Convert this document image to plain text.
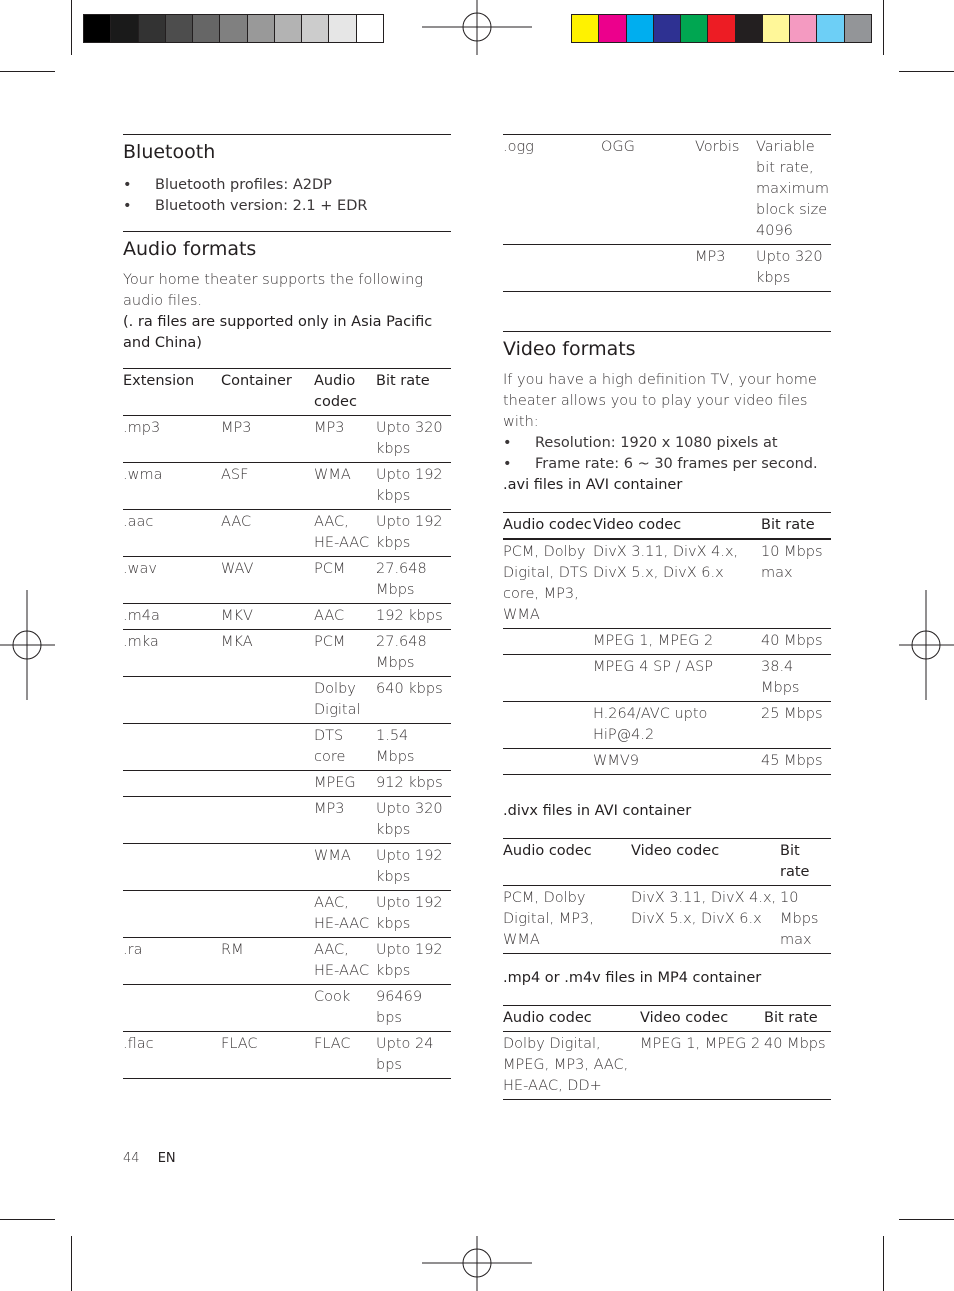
Bluetooth
• Bluetooth profiles: A2DP
• Bluetooth version: 2.1 + EDR
Audio formats
Your home theater supports the following audio files.
(. ra files are supported only in Asia Pacific and China)
Extension	Container	Audio codec	Bit rate
.mp3	MP3	MP3	Upto 320 kbps
.wma	ASF	WMA	Upto 192 kbps
.aac	AAC	AAC, HE-AAC	Upto 192 kbps
.wav	WAV	PCM	27.648 Mbps
.m4a	MKV	AAC	192 kbps
.mka	MKA	PCM	27.648 Mbps
		Dolby Digital	640 kbps
		DTS core	1.54 Mbps
		MPEG	912 kbps
		MP3	Upto 320 kbps
		WMA	Upto 192 kbps
		AAC, HE-AAC	Upto 192 kbps
.ra	RM	AAC, HE-AAC	Upto 192 kbps
		Cook	96469 bps
.flac	FLAC	FLAC	Upto 24 bps
.ogg	OGG	Vorbis	Variable bit rate, maximum block size 4096
		MP3	Upto 320 kbps
Video formats
If you have a high definition TV, your home theater allows you to play your video files with:
• Resolution: 1920 x 1080 pixels at
• Frame rate: 6 ~ 30 frames per second.
.avi files in AVI container
Audio codec	Video codec	Bit rate
PCM, Dolby Digital, DTS core, MP3, WMA	DivX 3.11, DivX 4.x, DivX 5.x, DivX 6.x	10 Mbps max
	MPEG 1, MPEG 2	40 Mbps
	MPEG 4 SP / ASP	38.4 Mbps
	H.264/AVC upto HiP@4.2	25 Mbps
	WMV9	45 Mbps
.divx files in AVI container
Audio codec	Video codec	Bit rate
PCM, Dolby Digital, MP3, WMA	DivX 3.11, DivX 4.x, DivX 5.x, DivX 6.x	10 Mbps max
.mp4 or .m4v files in MP4 container
Audio codec	Video codec	Bit rate
Dolby Digital, MPEG, MP3, AAC, HE-AAC, DD+	MPEG 1, MPEG 2	40 Mbps
44 EN
